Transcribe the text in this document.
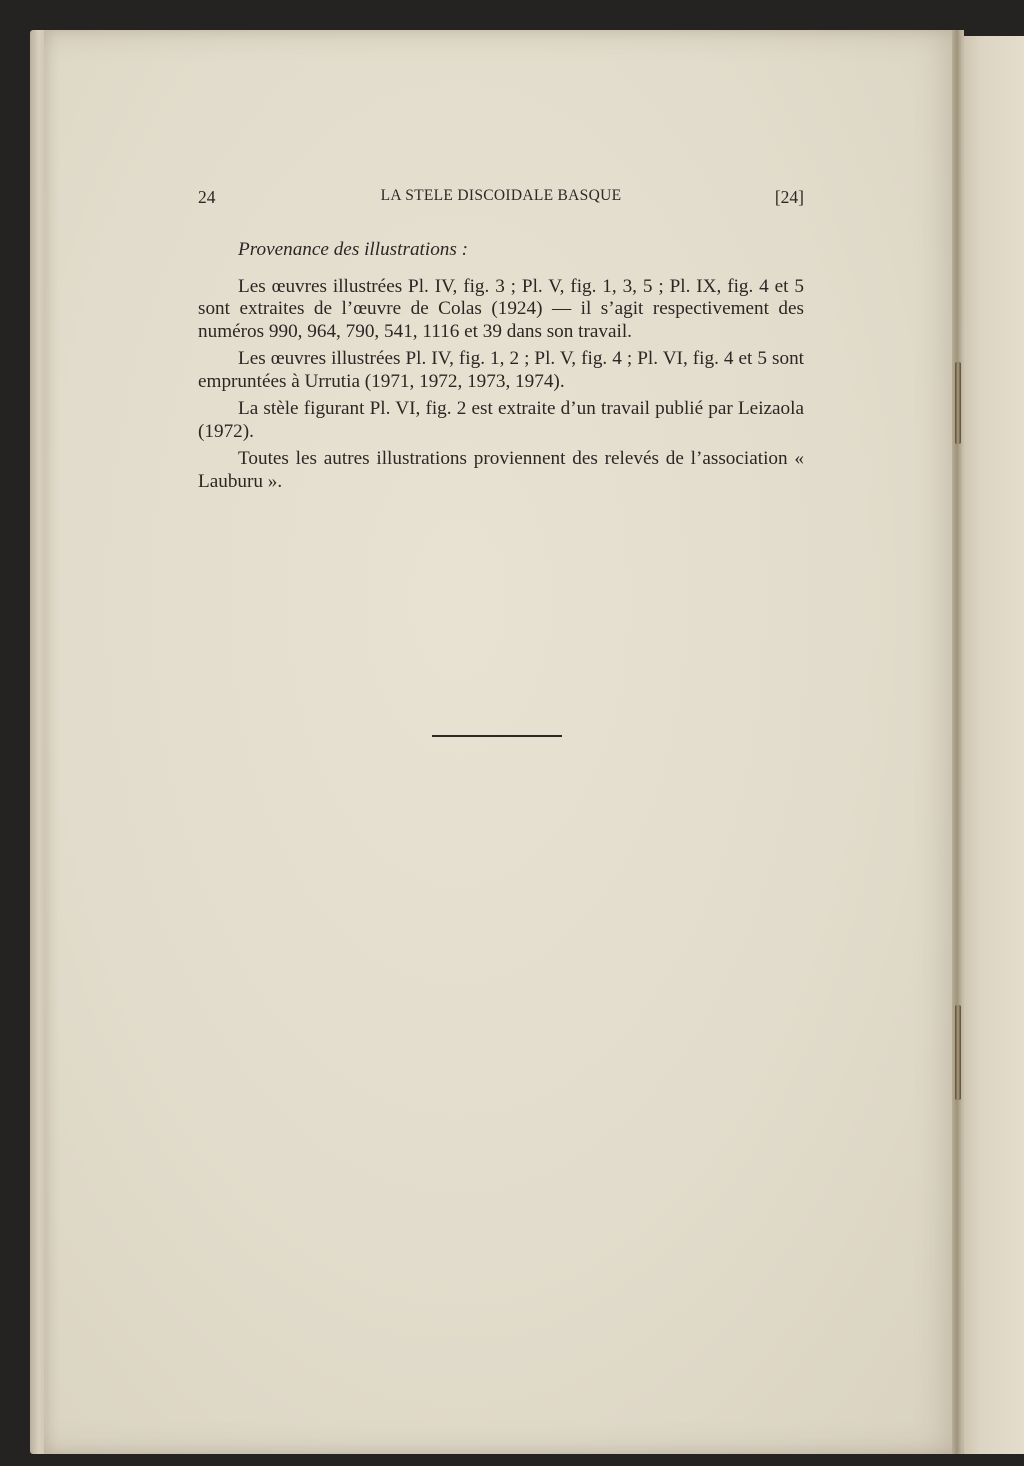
24	LA STELE DISCOIDALE BASQUE	[24]

Provenance des illustrations :

Les œuvres illustrées Pl. IV, fig. 3 ; Pl. V, fig. 1, 3, 5 ; Pl. IX, fig. 4 et 5 sont extraites de l’œuvre de Colas (1924) — il s’agit respectivement des numéros 990, 964, 790, 541, 1116 et 39 dans son travail.

Les œuvres illustrées Pl. IV, fig. 1, 2 ; Pl. V, fig. 4 ; Pl. VI, fig. 4 et 5 sont empruntées à Urrutia (1971, 1972, 1973, 1974).

La stèle figurant Pl. VI, fig. 2 est extraite d’un travail publié par Leizaola (1972).

Toutes les autres illustrations proviennent des relevés de l’association « Lauburu ».
